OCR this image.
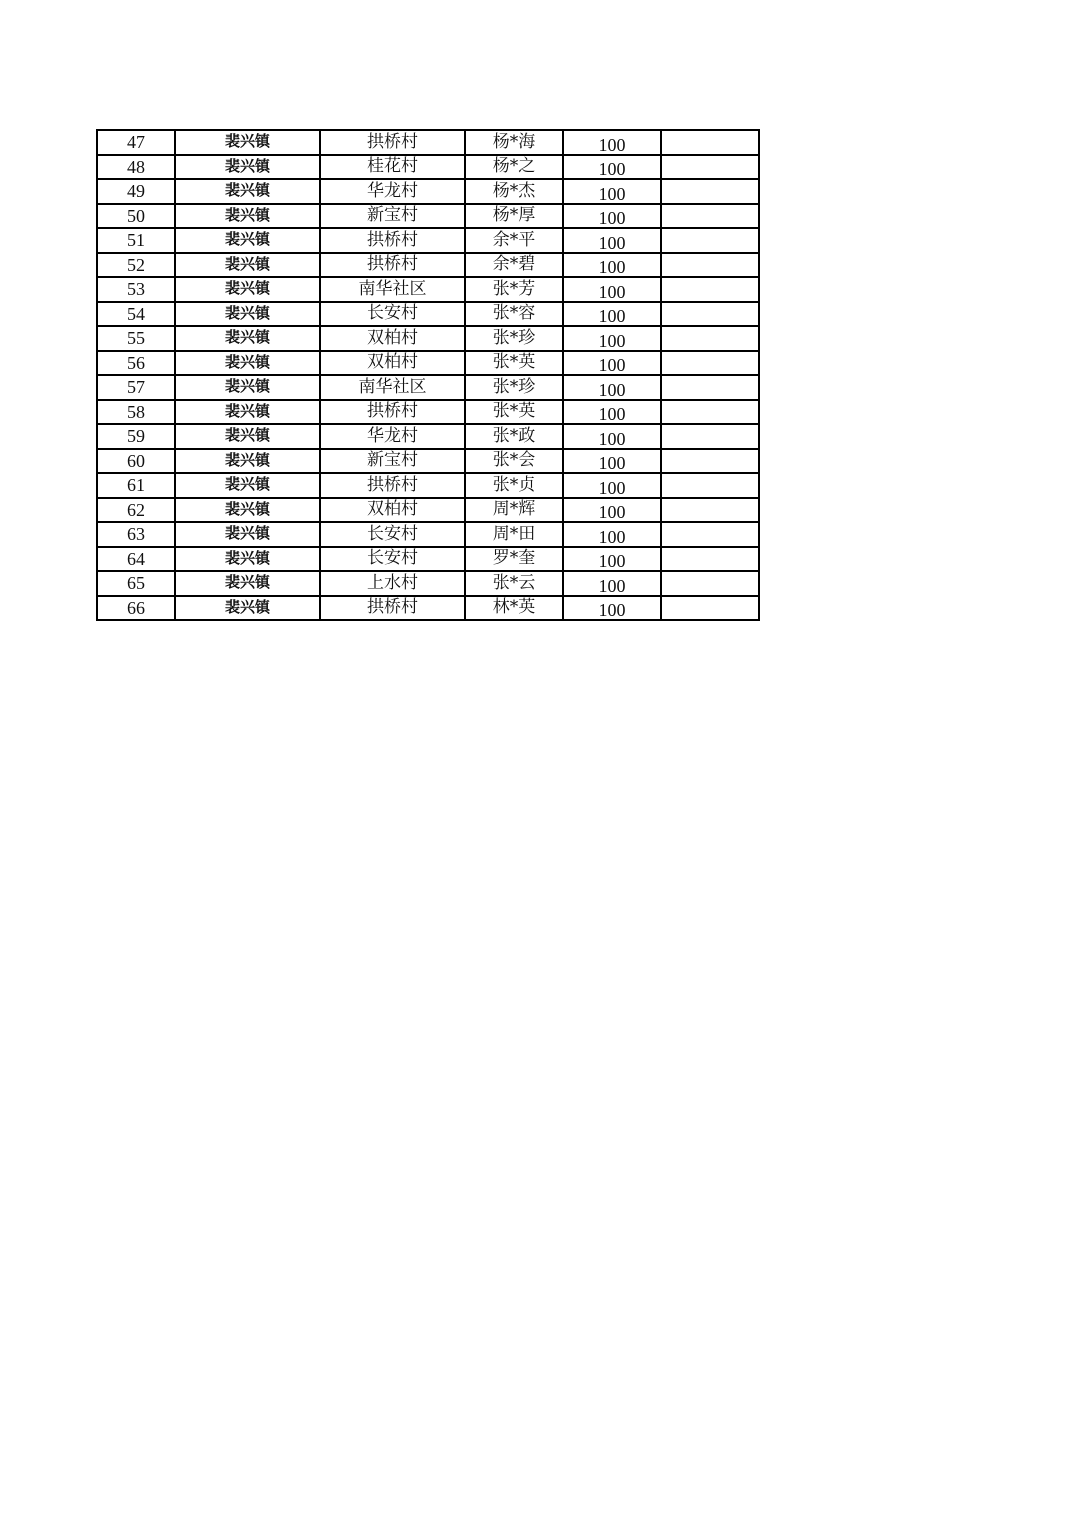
47	裴兴镇	拱桥村	杨*海	100	
48	裴兴镇	桂花村	杨*之	100	
49	裴兴镇	华龙村	杨*杰	100	
50	裴兴镇	新宝村	杨*厚	100	
51	裴兴镇	拱桥村	余*平	100	
52	裴兴镇	拱桥村	余*碧	100	
53	裴兴镇	南华社区	张*芳	100	
54	裴兴镇	长安村	张*容	100	
55	裴兴镇	双柏村	张*珍	100	
56	裴兴镇	双柏村	张*英	100	
57	裴兴镇	南华社区	张*珍	100	
58	裴兴镇	拱桥村	张*英	100	
59	裴兴镇	华龙村	张*政	100	
60	裴兴镇	新宝村	张*会	100	
61	裴兴镇	拱桥村	张*贞	100	
62	裴兴镇	双柏村	周*辉	100	
63	裴兴镇	长安村	周*田	100	
64	裴兴镇	长安村	罗*奎	100	
65	裴兴镇	上水村	张*云	100	
66	裴兴镇	拱桥村	林*英	100	
